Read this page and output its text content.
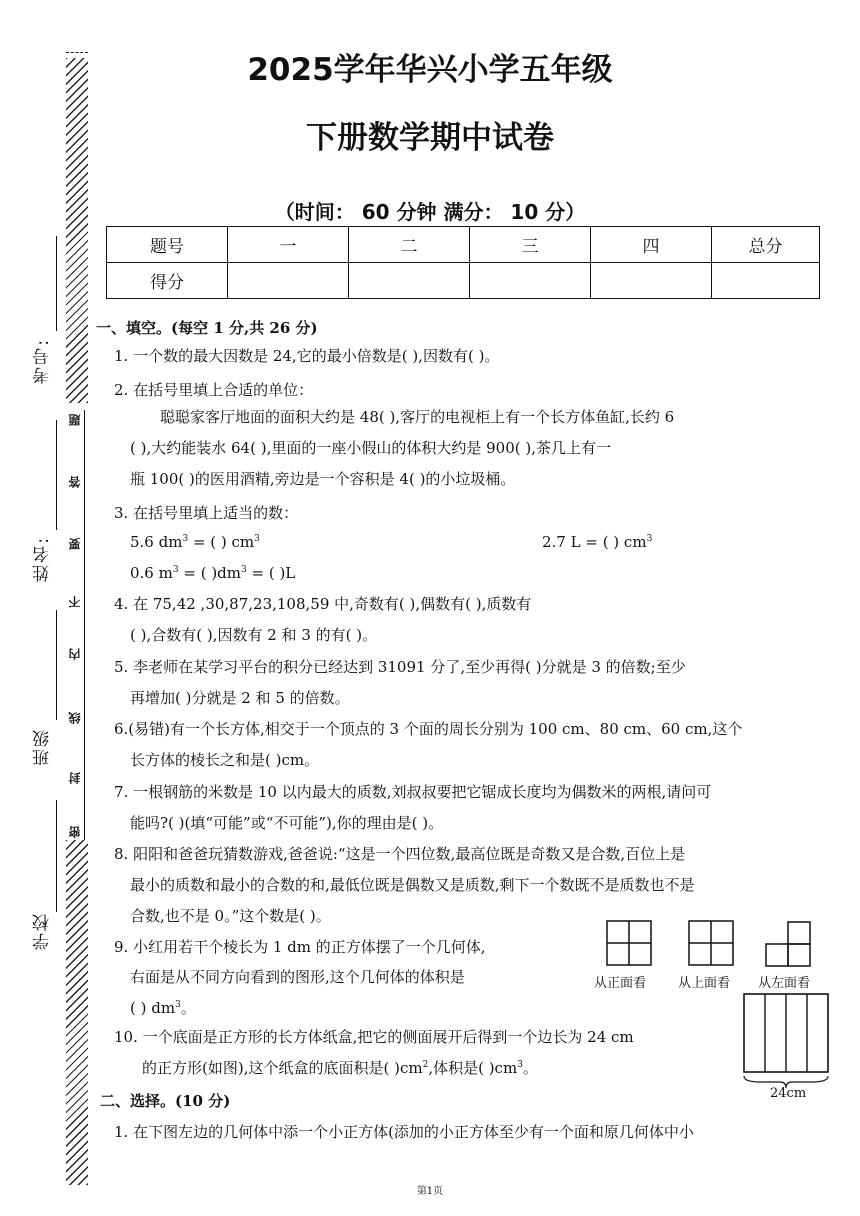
考号:
姓名:
班级
学校
题
答
要
不
内
线
封
密
2025学年华兴小学五年级
下册数学期中试卷
（时间： 60 分钟 满分： 10 分）
题号	一	二	三	四	总分
得分					
一、填空。(每空 1 分,共 26 分)
1. 一个数的最大因数是 24,它的最小倍数是( ),因数有( )。
2. 在括号里填上合适的单位：
聪聪家客厅地面的面积大约是 48( ),客厅的电视柜上有一个长方体鱼缸,长约 6
( ),大约能装水 64( ),里面的一座小假山的体积大约是 900( ),茶几上有一
瓶 100( )的医用酒精,旁边是一个容积是 4( )的小垃圾桶。
3. 在括号里填上适当的数：
5.6 $dm^3$ = ( ) $cm^3$	2.7 L = ( ) $cm^3$
0.6 $m^3$ = ( )$dm^3$ = ( )L
4. 在 75,42 ,30,87,23,108,59 中,奇数有( ),偶数有( ),质数有
( ),合数有( ),因数有 2 和 3 的有( )。
5. 李老师在某学习平台的积分已经达到 31091 分了,至少再得( )分就是 3 的倍数;至少
再增加( )分就是 2 和 5 的倍数。
6.(易错)有一个长方体,相交于一个顶点的 3 个面的周长分别为 100 cm、80 cm、60 cm,这个
长方体的棱长之和是( )cm。
7. 一根钢筋的米数是 10 以内最大的质数,刘叔叔要把它锯成长度均为偶数米的两根,请问可
能吗?( )(填“可能”或“不可能”),你的理由是( )。
8. 阳阳和爸爸玩猜数游戏,爸爸说:“这是一个四位数,最高位既是奇数又是合数,百位上是
最小的质数和最小的合数的和,最低位既是偶数又是质数,剩下一个数既不是质数也不是
合数,也不是 0。”这个数是( )。
9. 小红用若干个棱长为 1 dm 的正方体摆了一个几何体,
右面是从不同方向看到的图形,这个几何体的体积是
( ) $dm^3$。
10. 一个底面是正方形的长方体纸盒,把它的侧面展开后得到一个边长为 24 cm
的正方形(如图),这个纸盒的底面积是( )$cm^2$,体积是( )$cm^3$。
从正面看 从上面看 从左面看
24cm
二、选择。(10 分)
1. 在下图左边的几何体中添一个小正方体(添加的小正方体至少有一个面和原几何体中小
第1页
